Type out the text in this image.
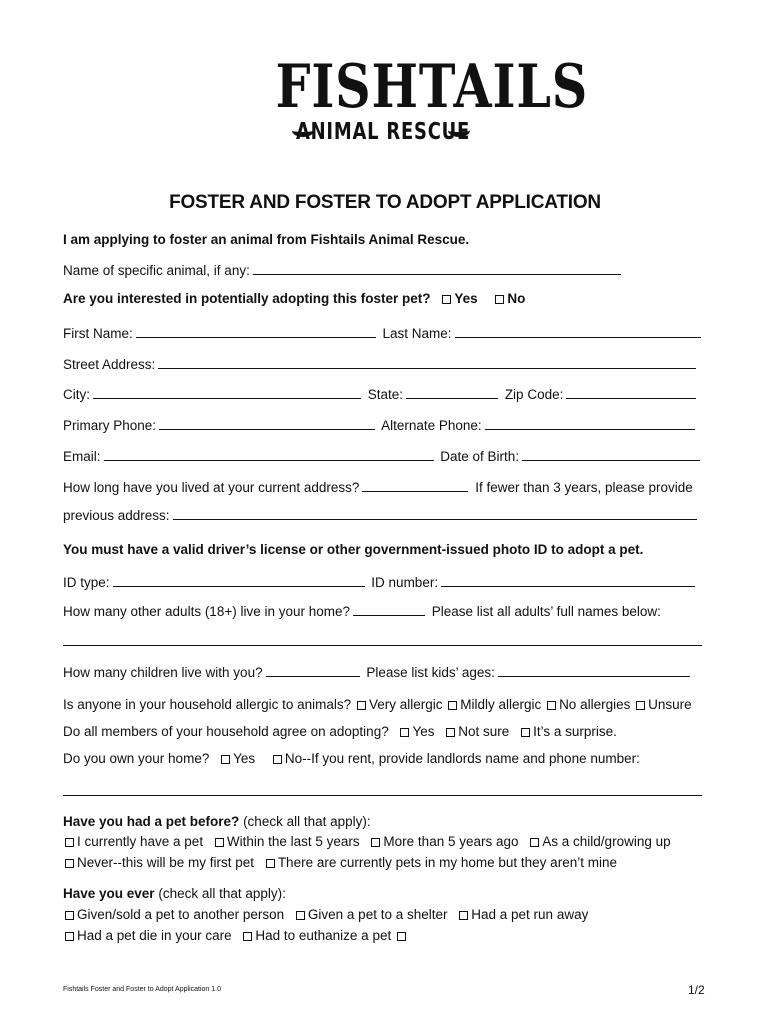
FISHTAILS
ANIMAL RESCUE
FOSTER AND FOSTER TO ADOPT APPLICATION
I am applying to foster an animal from Fishtails Animal Rescue.
Name of specific animal, if any:
Are you interested in potentially adopting this foster pet? Yes No
First Name:	Last Name:
Street Address:
City:	State:	Zip Code:
Primary Phone:	Alternate Phone:
Email:	Date of Birth:
How long have you lived at your current address?	If fewer than 3 years, please provide
previous address:
You must have a valid driver’s license or other government-issued photo ID to adopt a pet.
ID type:	ID number:
How many other adults (18+) live in your home?	Please list all adults’ full names below:
How many children live with you?	Please list kids’ ages:
Is anyone in your household allergic to animals? Very allergic Mildly allergic No allergies Unsure
Do all members of your household agree on adopting? Yes Not sure It’s a surprise.
Do you own your home? Yes No--If you rent, provide landlords name and phone number:
Have you had a pet before? (check all that apply):
I currently have a pet Within the last 5 years More than 5 years ago As a child/growing up
Never--this will be my first pet There are currently pets in my home but they aren’t mine
Have you ever (check all that apply):
Given/sold a pet to another person Given a pet to a shelter Had a pet run away
Had a pet die in your care Had to euthanize a pet
Fishtails Foster and Foster to Adopt Application 1.0	1/2
